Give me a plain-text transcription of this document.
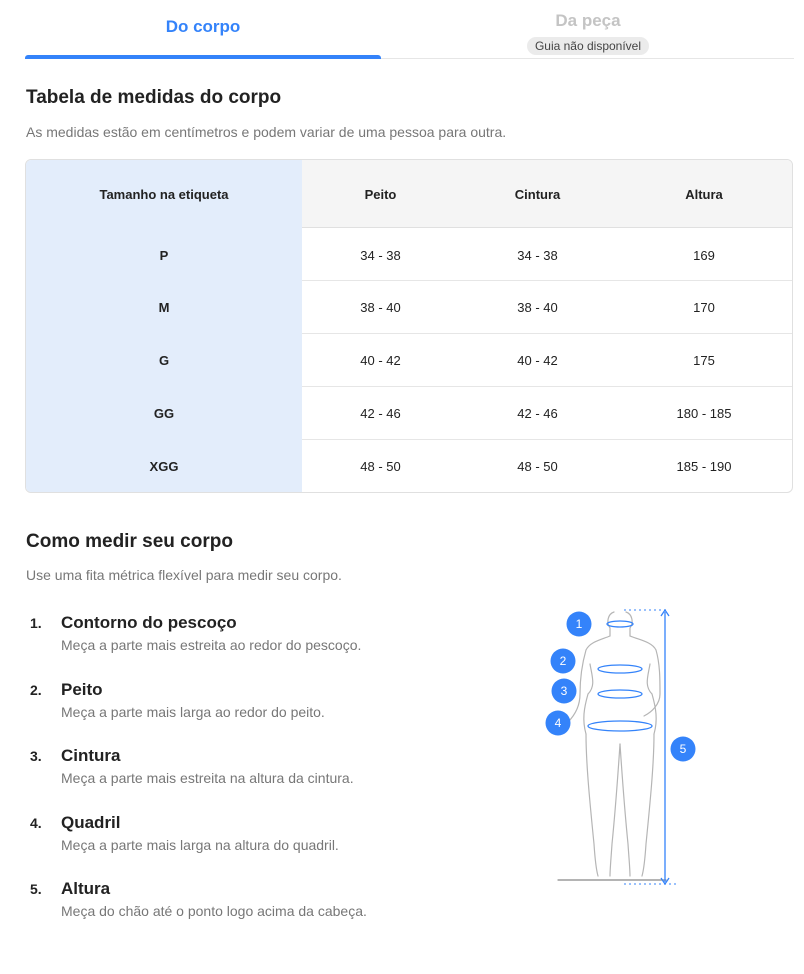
Do corpo	Da peça
Guia não disponível
Tabela de medidas do corpo
As medidas estão em centímetros e podem variar de uma pessoa para outra.
Tamanho na etiqueta	Peito	Cintura	Altura
P	34 - 38	34 - 38	169
M	38 - 40	38 - 40	170
G	40 - 42	40 - 42	175
GG	42 - 46	42 - 46	180 - 185
XGG	48 - 50	48 - 50	185 - 190
Como medir seu corpo
Use uma fita métrica flexível para medir seu corpo.
1. Contorno do pescoço
Meça a parte mais estreita ao redor do pescoço.
2. Peito
Meça a parte mais larga ao redor do peito.
3. Cintura
Meça a parte mais estreita na altura da cintura.
4. Quadril
Meça a parte mais larga na altura do quadril.
5. Altura
Meça do chão até o ponto logo acima da cabeça.
1
2
3
4
5
